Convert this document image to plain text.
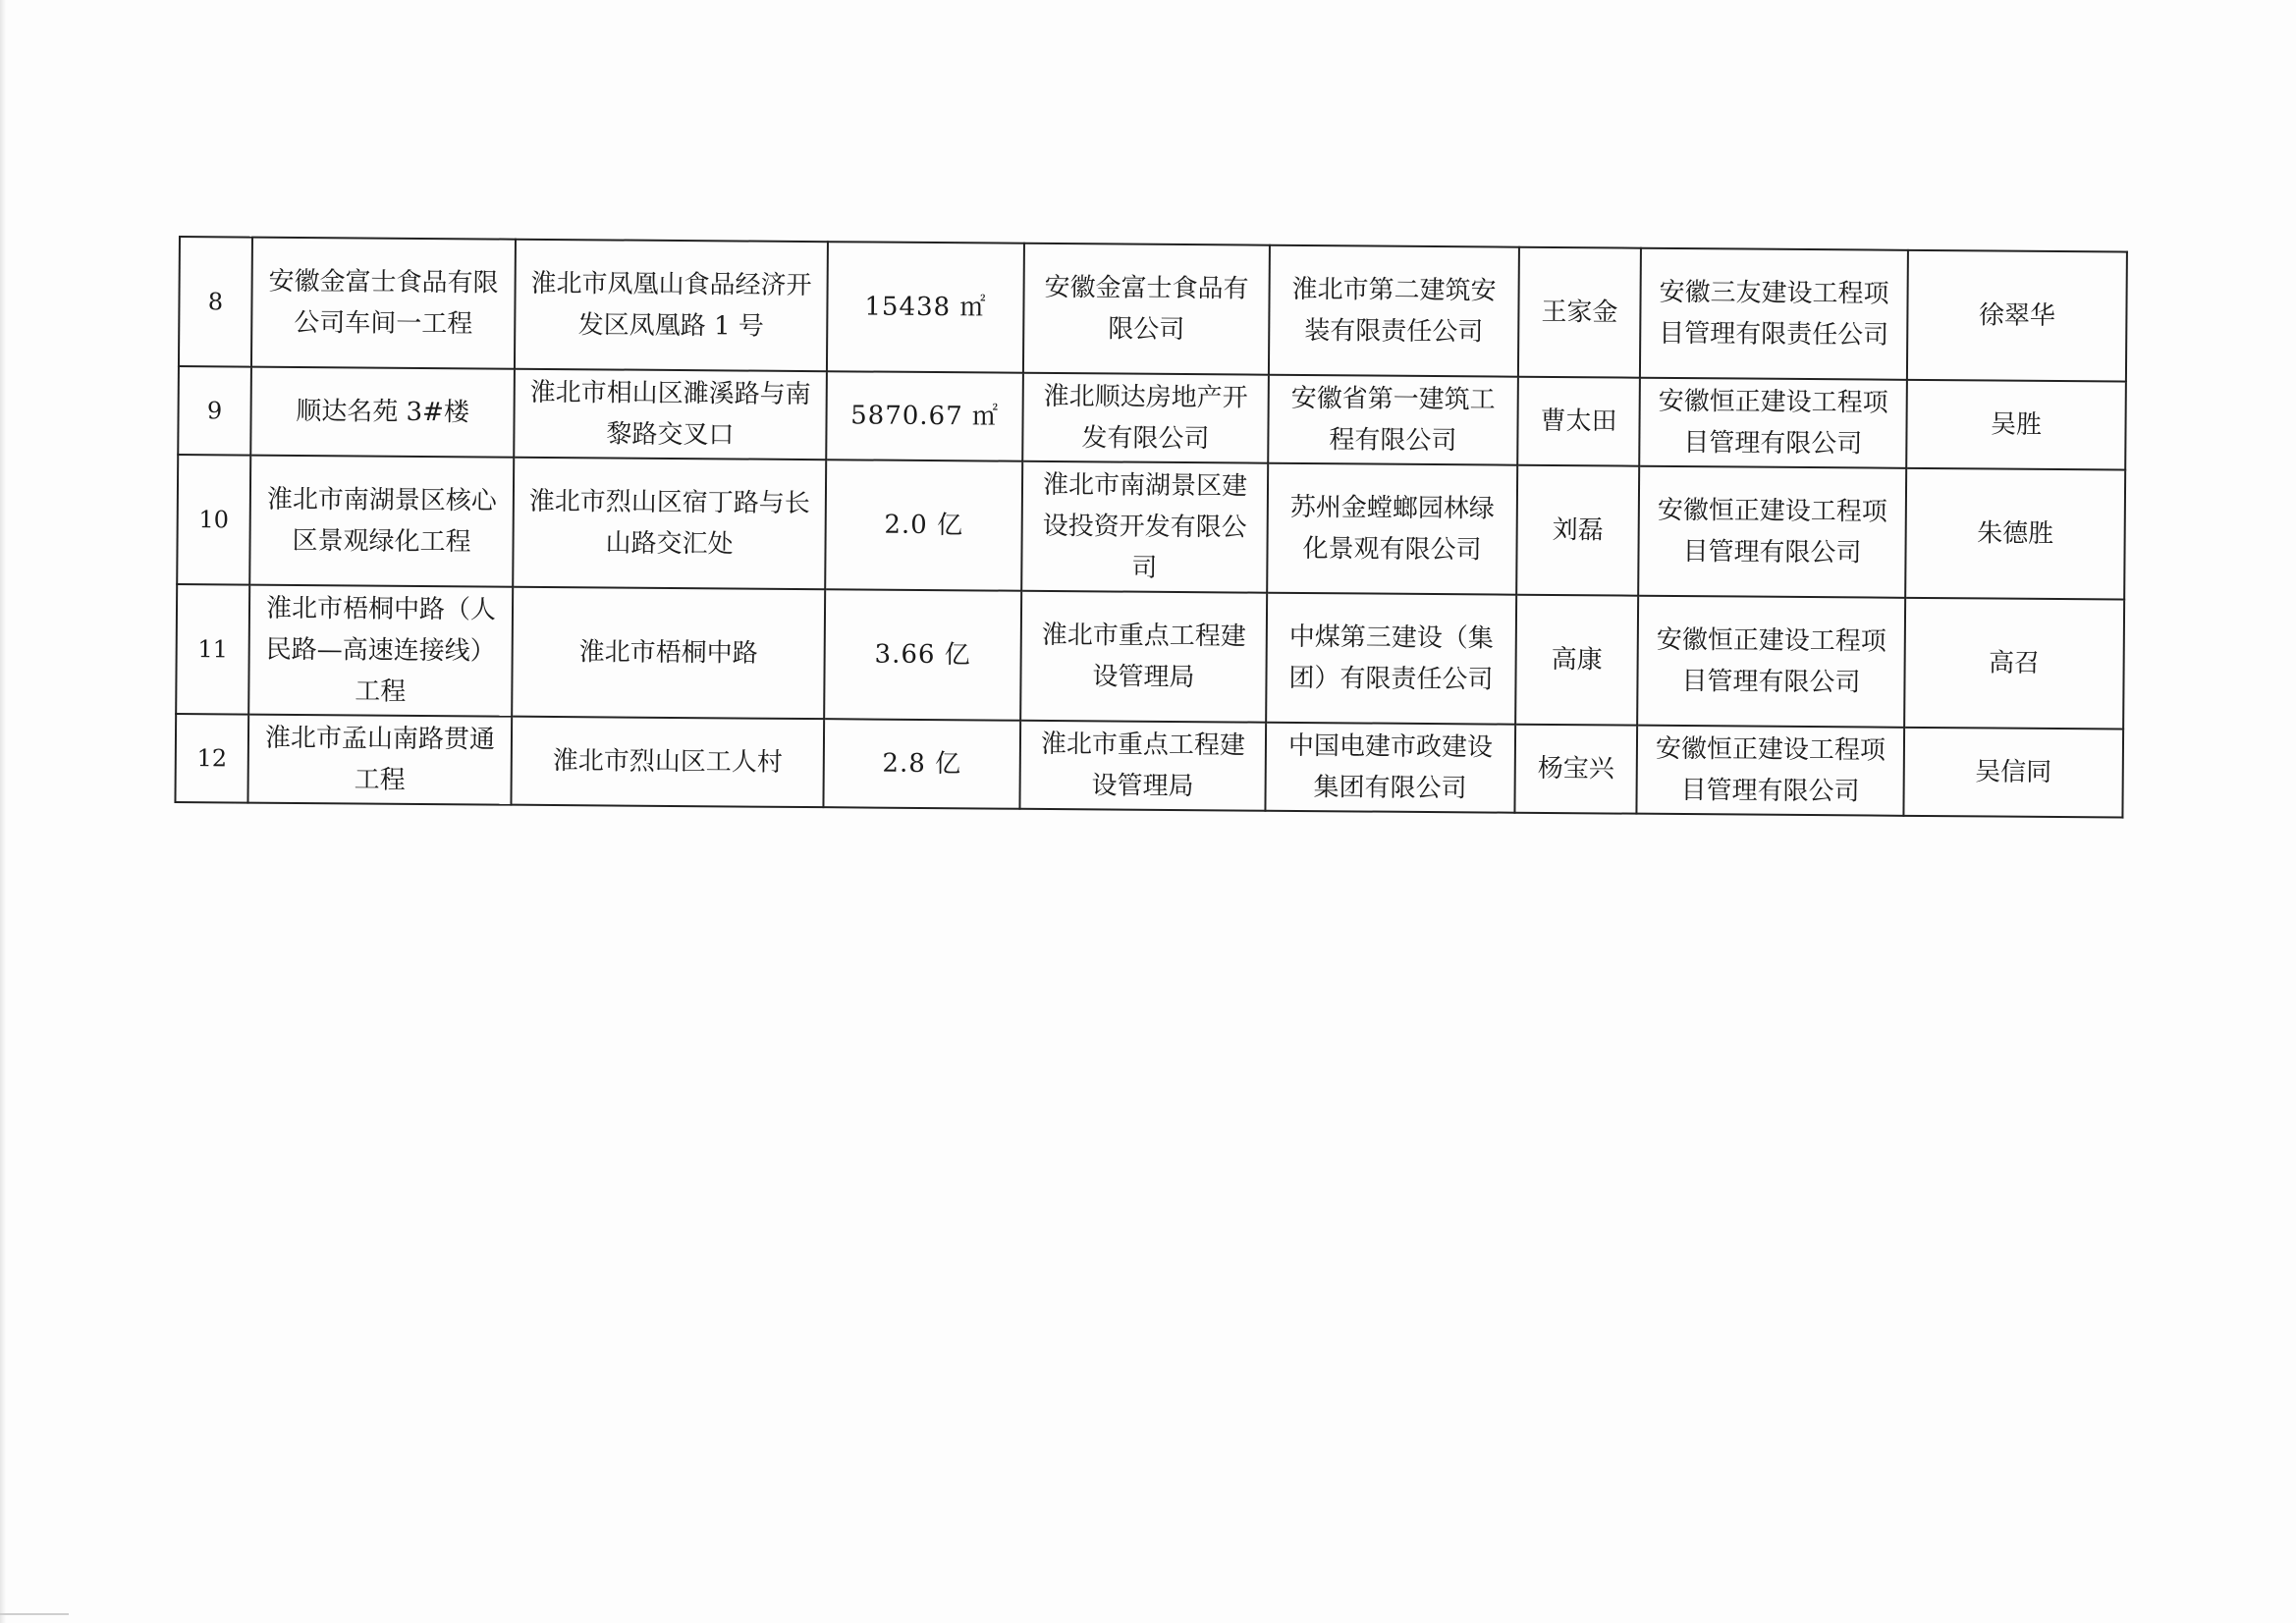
8	安徽金富士食品有限公司车间一工程	淮北市凤凰山食品经济开发区凤凰路 1 号	15438 ㎡	安徽金富士食品有限公司	淮北市第二建筑安装有限责任公司	王家金	安徽三友建设工程项目管理有限责任公司	徐翠华
9	顺达名苑 3#楼	淮北市相山区濉溪路与南黎路交叉口	5870.67 ㎡	淮北顺达房地产开发有限公司	安徽省第一建筑工程有限公司	曹太田	安徽恒正建设工程项目管理有限公司	吴胜
10	淮北市南湖景区核心区景观绿化工程	淮北市烈山区宿丁路与长山路交汇处	2.0 亿	淮北市南湖景区建设投资开发有限公司	苏州金螳螂园林绿化景观有限公司	刘磊	安徽恒正建设工程项目管理有限公司	朱德胜
11	淮北市梧桐中路（人民路—高速连接线）工程	淮北市梧桐中路	3.66 亿	淮北市重点工程建设管理局	中煤第三建设（集团）有限责任公司	高康	安徽恒正建设工程项目管理有限公司	高召
12	淮北市孟山南路贯通工程	淮北市烈山区工人村	2.8 亿	淮北市重点工程建设管理局	中国电建市政建设集团有限公司	杨宝兴	安徽恒正建设工程项目管理有限公司	吴信同
